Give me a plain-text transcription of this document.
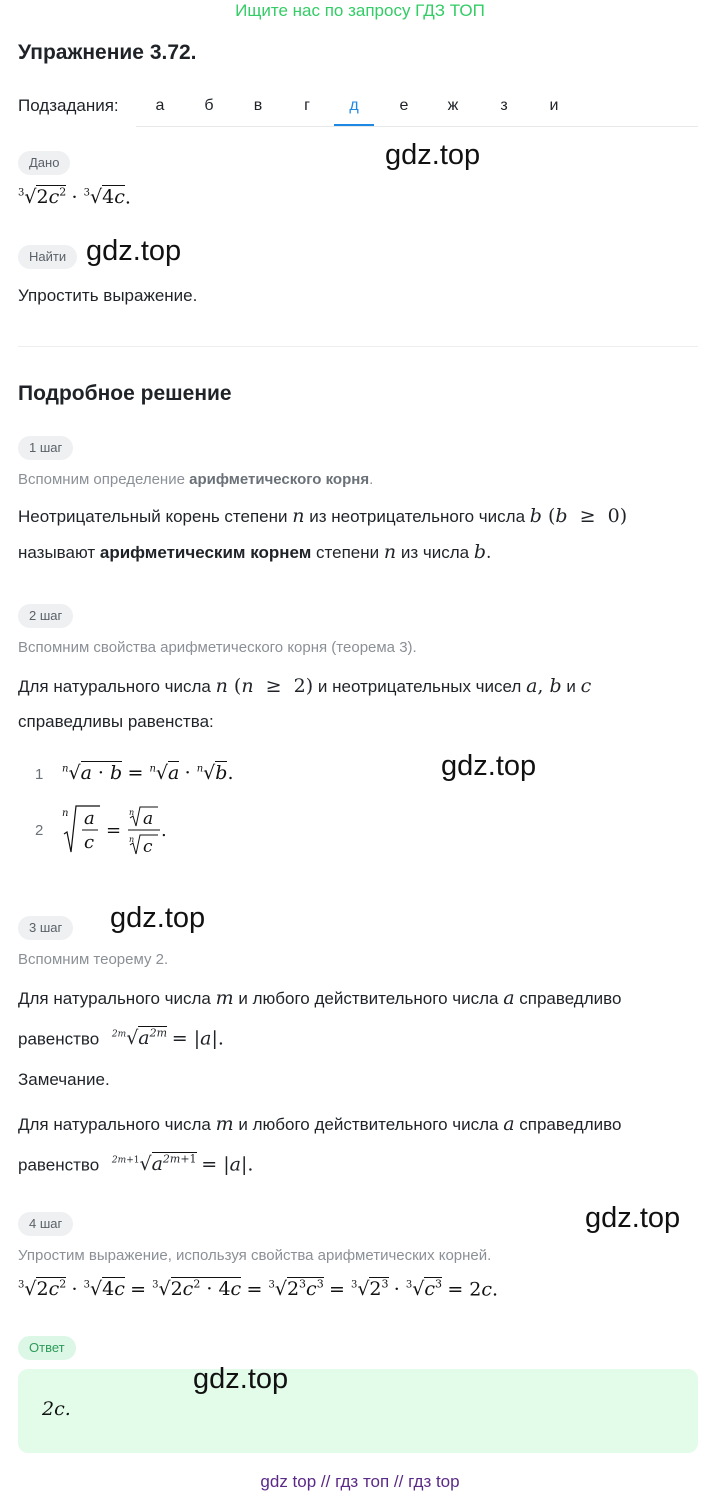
Ищите нас по запросу ГДЗ ТОП
Упражнение 3.72.
Подзадания:	а	б	в	г	д	е	ж	з	и
Дано	gdz.top
$^3√2c^2 \cdot ^3√4c$.
Найти gdz.top
Упростить выражение.
Подробное решение
1 шаг
Вспомним определение арифметического корня.
Неотрицательный корень степени n из неотрицательного числа b (b  ≥  0)
называют арифметическим корнем степени n из числа b.
2 шаг
Вспомним свойства арифметического корня (теорема 3).
Для натурального числа n (n  ≥  2) и неотрицательных чисел a, b и c
справедливы равенства:
gdz.top
1 $^n$√a · b = $^n$√a · $^n$√b.
2
n a
c
=
n a
n c
.
gdz.top
3 шаг
Вспомним теорему 2.
Для натурального числа m и любого действительного числа a справедливо
равенство $^{2m}√a^{2m} = |a|$.
Замечание.
Для натурального числа m и любого действительного числа a справедливо
равенство $^{2m+1}√a^{2m+1} = |a|$.
4 шаг	gdz.top
Упростим выражение, используя свойства арифметических корней.
$^3√2c^2 \cdot ^3√4c = ^3√2c^2 \cdot 4c = ^3√2^3c^3 = ^3√2^3 \cdot ^3√c^3 = 2c$.
Ответ
gdz.top
2c.
gdz top // гдз топ // гдз top
